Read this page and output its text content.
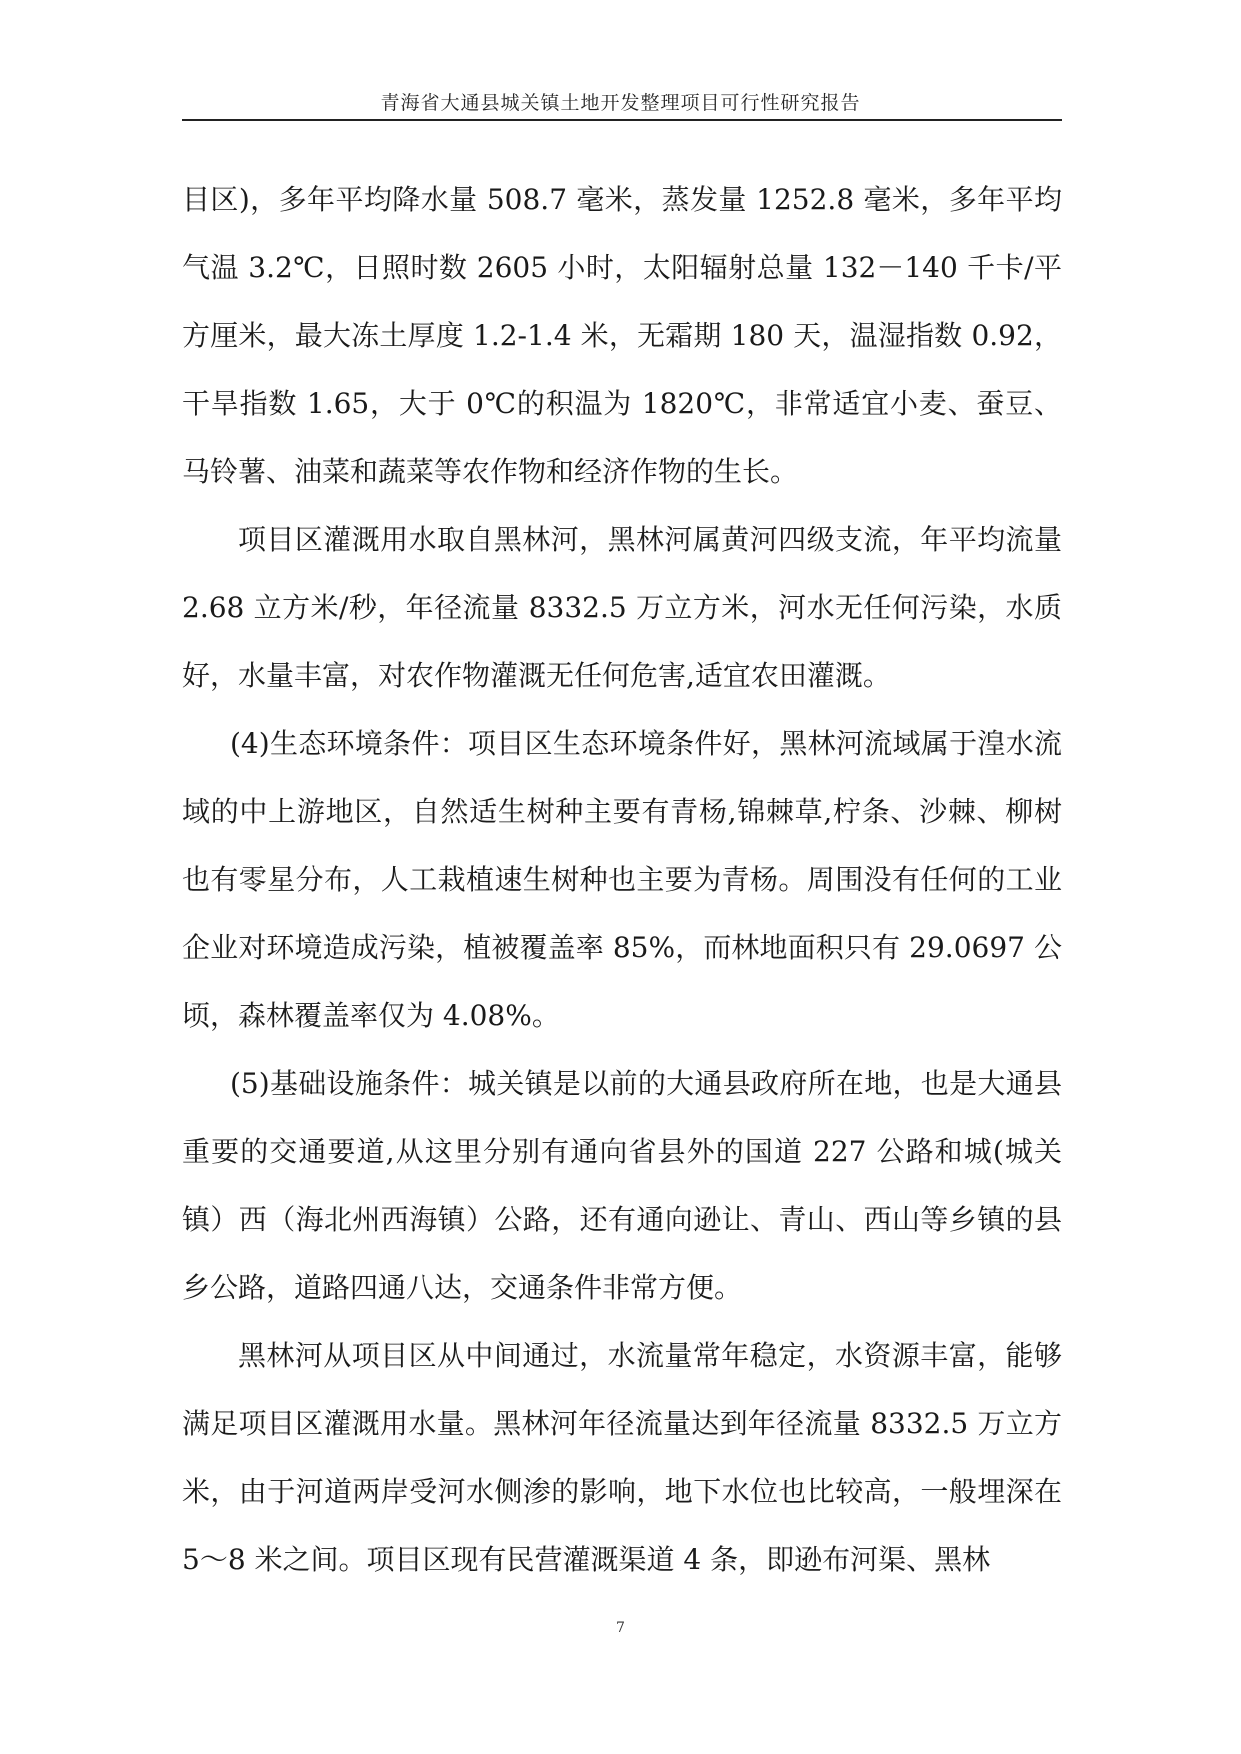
青海省大通县城关镇土地开发整理项目可行性研究报告

目区)，多年平均降水量 508.7 毫米，蒸发量 1252.8 毫米，多年平均气温 3.2℃，日照时数 2605 小时，太阳辐射总量 132－140 千卡/平方厘米，最大冻土厚度 1.2-1.4 米，无霜期 180 天，温湿指数 0.92，干旱指数 1.65，大于 0℃的积温为 1820℃，非常适宜小麦、蚕豆、马铃薯、油菜和蔬菜等农作物和经济作物的生长。

项目区灌溉用水取自黑林河，黑林河属黄河四级支流，年平均流量 2.68 立方米/秒，年径流量 8332.5 万立方米，河水无任何污染，水质好，水量丰富，对农作物灌溉无任何危害,适宜农田灌溉。

(4)生态环境条件：项目区生态环境条件好，黑林河流域属于湟水流域的中上游地区，自然适生树种主要有青杨,锦棘草,柠条、沙棘、柳树也有零星分布，人工栽植速生树种也主要为青杨。周围没有任何的工业企业对环境造成污染，植被覆盖率 85%，而林地面积只有 29.0697 公顷，森林覆盖率仅为 4.08%。

(5)基础设施条件：城关镇是以前的大通县政府所在地，也是大通县重要的交通要道,从这里分别有通向省县外的国道 227 公路和城(城关镇）西（海北州西海镇）公路，还有通向逊让、青山、西山等乡镇的县乡公路，道路四通八达，交通条件非常方便。

黑林河从项目区从中间通过，水流量常年稳定，水资源丰富，能够满足项目区灌溉用水量。黑林河年径流量达到年径流量 8332.5 万立方米，由于河道两岸受河水侧渗的影响，地下水位也比较高，一般埋深在 5～8 米之间。项目区现有民营灌溉渠道 4 条，即逊布河渠、黑林

7
